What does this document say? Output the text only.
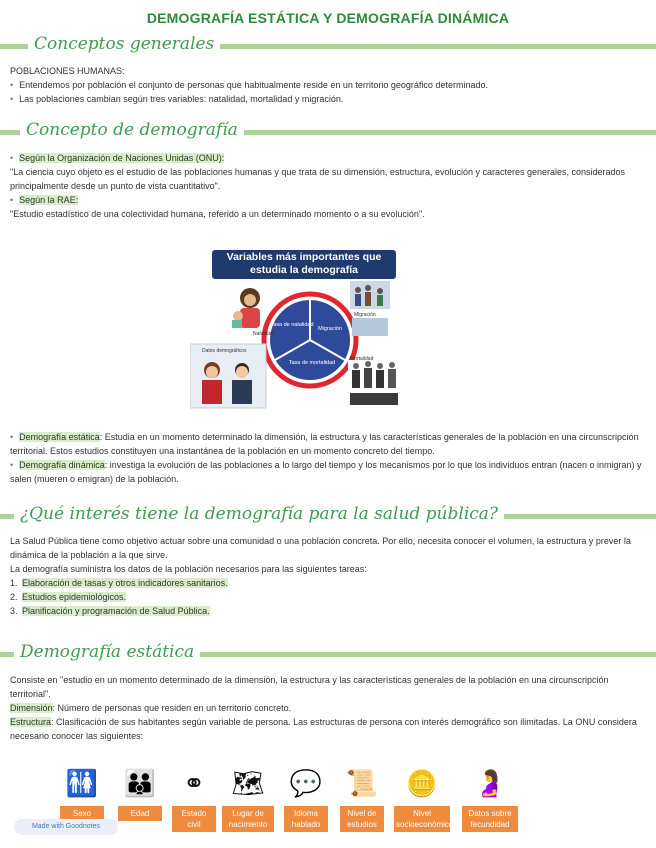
DEMOGRAFÍA ESTÁTICA Y DEMOGRAFÍA DINÁMICA
Conceptos generales

POBLACIONES HUMANAS:

• Entendemos por población el conjunto de personas que habitualmente reside en un territorio geográfico determinado.

• Las poblaciones cambian según tres variables: natalidad, mortalidad y migración.

Concepto de demografía

• Según la Organización de Naciones Unidas (ONU):

"La ciencia cuyo objeto es el estudio de las poblaciones humanas y que trata de su dimensión, estructura, evolución y caracteres generales, considerados principalmente desde un punto de vista cuantitativo".

• Según la RAE:

"Estudio estadístico de una colectividad humana, referido a un determinado momento o a su evolución".

Variables más importantes que estudia la demografía
Tasa de natalidad
Migración
Tasa de mortalidad
Natalidad
Migración
Datos demográficos
Mortalidad

• Demografía estática: Estudia en un momento determinado la dimensión, la estructura y las características generales de la población en una circunscripción territorial. Estos estudios constituyen una instantánea de la población en un momento concreto del tiempo.

• Demografía dinámica: investiga la evolución de las poblaciones a lo largo del tiempo y los mecanismos por lo que los individuos entran (nacen o inmigran) y salen (mueren o emigran) de la población.

¿Qué interés tiene la demografía para la salud pública?

La Salud Pública tiene como objetivo actuar sobre una comunidad o una población concreta. Por ello, necesita conocer el volumen, la estructura y prever la dinámica de la población a la que sirve.

La demografía suministra los datos de la población necesarios para las siguientes tareas:

1. Elaboración de tasas y otros indicadores sanitarios.

2. Estudios epidemiológicos.

3. Planificación y programación de Salud Pública.

Demografía estática

Consiste en "estudio en un momento determinado de la dimensión, la estructura y las características generales de la población en una circunscripción territorial".

Dimensión: Número de personas que residen en un territorio concreto.

Estructura: Clasificación de sus habitantes según variable de persona. Las estructuras de persona con interés demográfico son ilimitadas. La ONU considera necesario conocer las siguientes:

🚻
Sexo
👪
Edad
⚭
Estado civil
🗺
Lugar de nacimiento
💬
Idioma hablado
📜
Nivel de estudios
🪙
Nivel socioeconómico
🤰
Datos sobre fecundidad
Made with Goodnotes
